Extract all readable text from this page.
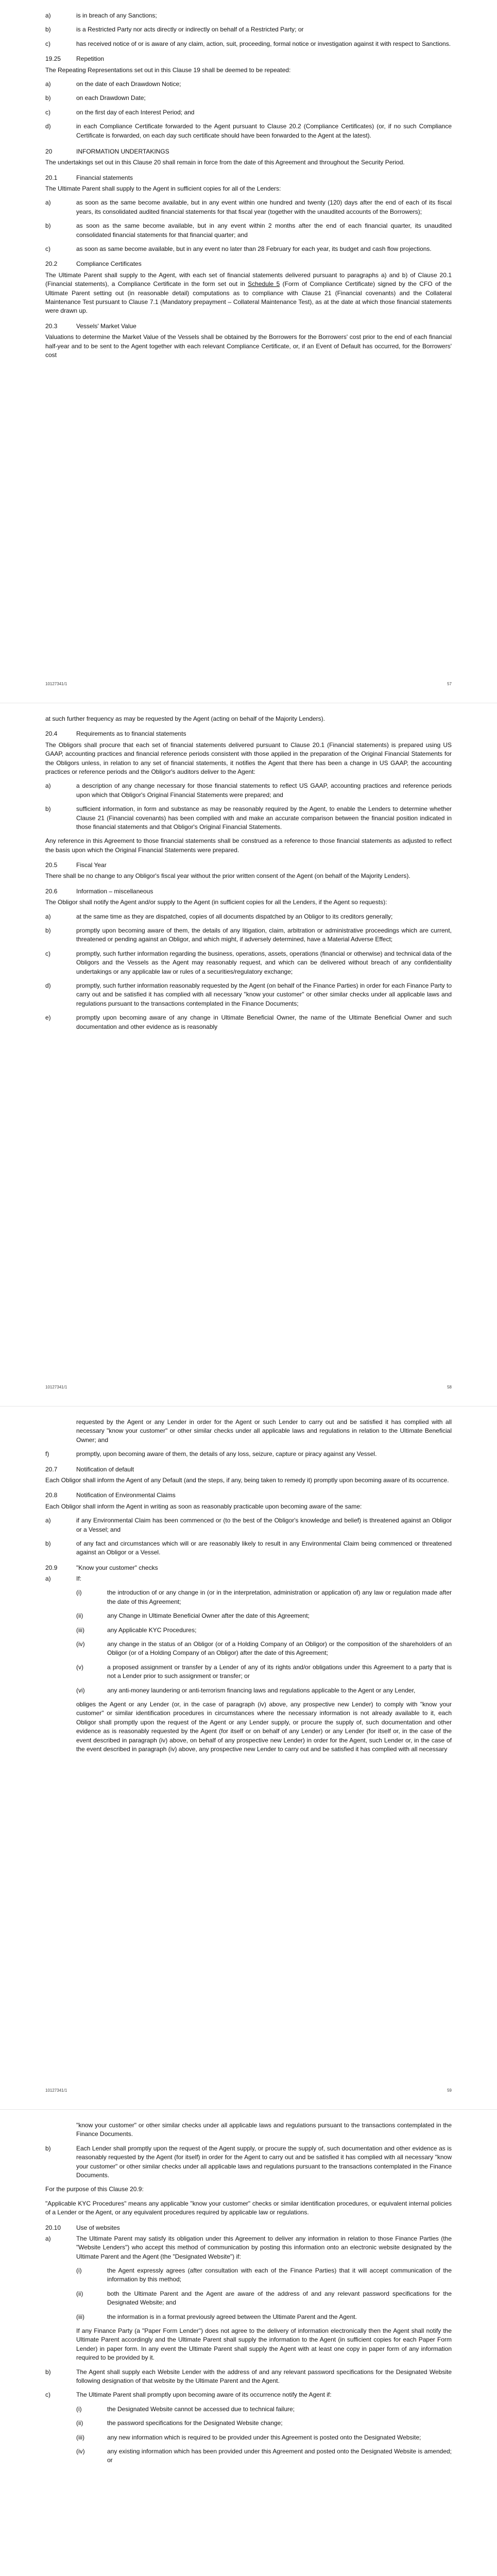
a)	is in breach of any Sanctions;
b)	is a Restricted Party nor acts directly or indirectly on behalf of a Restricted Party; or
c)	has received notice of or is aware of any claim, action, suit, proceeding, formal notice or investigation against it with respect to Sanctions.
19.25	Repetition

The Repeating Representations set out in this Clause 19 shall be deemed to be repeated:

a)	on the date of each Drawdown Notice;
b)	on each Drawdown Date;
c)	on the first day of each Interest Period; and
d)	in each Compliance Certificate forwarded to the Agent pursuant to Clause 20.2 (Compliance Certificates) (or, if no such Compliance Certificate is forwarded, on each day such certificate should have been forwarded to the Agent at the latest).
20	INFORMATION UNDERTAKINGS

The undertakings set out in this Clause 20 shall remain in force from the date of this Agreement and throughout the Security Period.

20.1	Financial statements

The Ultimate Parent shall supply to the Agent in sufficient copies for all of the Lenders:

a)	as soon as the same become available, but in any event within one hundred and twenty (120) days after the end of each of its fiscal years, its consolidated audited financial statements for that fiscal year (together with the unaudited accounts of the Borrowers);
b)	as soon as the same become available, but in any event within 2 months after the end of each financial quarter, its unaudited consolidated financial statements for that financial quarter; and
c)	as soon as same become available, but in any event no later than 28 February for each year, its budget and cash flow projections.
20.2	Compliance Certificates

The Ultimate Parent shall supply to the Agent, with each set of financial statements delivered pursuant to paragraphs a) and b) of Clause 20.1 (Financial statements), a Compliance Certificate in the form set out in Schedule 5 (Form of Compliance Certificate) signed by the CFO of the Ultimate Parent setting out (in reasonable detail) computations as to compliance with Clause 21 (Financial covenants) and the Collateral Maintenance Test pursuant to Clause 7.1 (Mandatory prepayment – Collateral Maintenance Test), as at the date at which those financial statements were drawn up.

20.3	Vessels' Market Value

Valuations to determine the Market Value of the Vessels shall be obtained by the Borrowers for the Borrowers' cost prior to the end of each financial half-year and to be sent to the Agent together with each relevant Compliance Certificate, or, if an Event of Default has occurred, for the Borrowers' cost

10127341/1	57

at such further frequency as may be requested by the Agent (acting on behalf of the Majority Lenders).

20.4	Requirements as to financial statements

The Obligors shall procure that each set of financial statements delivered pursuant to Clause 20.1 (Financial statements) is prepared using US GAAP, accounting practices and financial reference periods consistent with those applied in the preparation of the Original Financial Statements for the Obligors unless, in relation to any set of financial statements, it notifies the Agent that there has been a change in US GAAP, the accounting practices or reference periods and the Obligor's auditors deliver to the Agent:

a)	a description of any change necessary for those financial statements to reflect US GAAP, accounting practices and reference periods upon which that Obligor's Original Financial Statements were prepared; and
b)	sufficient information, in form and substance as may be reasonably required by the Agent, to enable the Lenders to determine whether Clause 21 (Financial covenants) has been complied with and make an accurate comparison between the financial position indicated in those financial statements and that Obligor's Original Financial Statements.

Any reference in this Agreement to those financial statements shall be construed as a reference to those financial statements as adjusted to reflect the basis upon which the Original Financial Statements were prepared.

20.5	Fiscal Year

There shall be no change to any Obligor's fiscal year without the prior written consent of the Agent (on behalf of the Majority Lenders).

20.6	Information – miscellaneous

The Obligor shall notify the Agent and/or supply to the Agent (in sufficient copies for all the Lenders, if the Agent so requests):

a)	at the same time as they are dispatched, copies of all documents dispatched by an Obligor to its creditors generally;
b)	promptly upon becoming aware of them, the details of any litigation, claim, arbitration or administrative proceedings which are current, threatened or pending against an Obligor, and which might, if adversely determined, have a Material Adverse Effect;
c)	promptly, such further information regarding the business, operations, assets, operations (financial or otherwise) and technical data of the Obligors and the Vessels as the Agent may reasonably request, and which can be delivered without breach of any confidentiality undertakings or any applicable law or rules of a securities/regulatory exchange;
d)	promptly, such further information reasonably requested by the Agent (on behalf of the Finance Parties) in order for each Finance Party to carry out and be satisfied it has complied with all necessary "know your customer" or other similar checks under all applicable laws and regulations pursuant to the transactions contemplated in the Finance Documents;
e)	promptly upon becoming aware of any change in Ultimate Beneficial Owner, the name of the Ultimate Beneficial Owner and such documentation and other evidence as is reasonably
10127341/1	58

requested by the Agent or any Lender in order for the Agent or such Lender to carry out and be satisfied it has complied with all necessary "know your customer" or other similar checks under all applicable laws and regulations in relation to the Ultimate Beneficial Owner; and

f)	promptly, upon becoming aware of them, the details of any loss, seizure, capture or piracy against any Vessel.
20.7	Notification of default

Each Obligor shall inform the Agent of any Default (and the steps, if any, being taken to remedy it) promptly upon becoming aware of its occurrence.

20.8	Notification of Environmental Claims

Each Obligor shall inform the Agent in writing as soon as reasonably practicable upon becoming aware of the same:

a)	if any Environmental Claim has been commenced or (to the best of the Obligor's knowledge and belief) is threatened against an Obligor or a Vessel; and
b)	of any fact and circumstances which will or are reasonably likely to result in any Environmental Claim being commenced or threatened against an Obligor or a Vessel.
20.9	"Know your customer" checks
a)	If:
(i)	the introduction of or any change in (or in the interpretation, administration or application of) any law or regulation made after the date of this Agreement;
(ii)	any Change in Ultimate Beneficial Owner after the date of this Agreement;
(iii)	any Applicable KYC Procedures;
(iv)	any change in the status of an Obligor (or of a Holding Company of an Obligor) or the composition of the shareholders of an Obligor (or of a Holding Company of an Obligor) after the date of this Agreement;
(v)	a proposed assignment or transfer by a Lender of any of its rights and/or obligations under this Agreement to a party that is not a Lender prior to such assignment or transfer; or
(vi)	any anti-money laundering or anti-terrorism financing laws and regulations applicable to the Agent or any Lender,

obliges the Agent or any Lender (or, in the case of paragraph (iv) above, any prospective new Lender) to comply with "know your customer" or similar identification procedures in circumstances where the necessary information is not already available to it, each Obligor shall promptly upon the request of the Agent or any Lender supply, or procure the supply of, such documentation and other evidence as is reasonably requested by the Agent (for itself or on behalf of any Lender) or any Lender (for itself or, in the case of the event described in paragraph (iv) above, on behalf of any prospective new Lender) in order for the Agent, such Lender or, in the case of the event described in paragraph (iv) above, any prospective new Lender to carry out and be satisfied it has complied with all necessary

10127341/1	59

"know your customer" or other similar checks under all applicable laws and regulations pursuant to the transactions contemplated in the Finance Documents.

b)	Each Lender shall promptly upon the request of the Agent supply, or procure the supply of, such documentation and other evidence as is reasonably requested by the Agent (for itself) in order for the Agent to carry out and be satisfied it has complied with all necessary "know your customer" or other similar checks under all applicable laws and regulations pursuant to the transactions contemplated in the Finance Documents.

For the purpose of this Clause 20.9:

"Applicable KYC Procedures" means any applicable "know your customer" checks or similar identification procedures, or equivalent internal policies of a Lender or the Agent, or any equivalent procedures required by applicable law or regulations.

20.10	Use of websites
a)	The Ultimate Parent may satisfy its obligation under this Agreement to deliver any information in relation to those Finance Parties (the "Website Lenders") who accept this method of communication by posting this information onto an electronic website designated by the Ultimate Parent and the Agent (the "Designated Website") if:
(i)	the Agent expressly agrees (after consultation with each of the Finance Parties) that it will accept communication of the information by this method;
(ii)	both the Ultimate Parent and the Agent are aware of the address of and any relevant password specifications for the Designated Website; and
(iii)	the information is in a format previously agreed between the Ultimate Parent and the Agent.

If any Finance Party (a "Paper Form Lender") does not agree to the delivery of information electronically then the Agent shall notify the Ultimate Parent accordingly and the Ultimate Parent shall supply the information to the Agent (in sufficient copies for each Paper Form Lender) in paper form. In any event the Ultimate Parent shall supply the Agent with at least one copy in paper form of any information required to be provided by it.

b)	The Agent shall supply each Website Lender with the address of and any relevant password specifications for the Designated Website following designation of that website by the Ultimate Parent and the Agent.
c)	The Ultimate Parent shall promptly upon becoming aware of its occurrence notify the Agent if:
(i)	the Designated Website cannot be accessed due to technical failure;
(ii)	the password specifications for the Designated Website change;
(iii)	any new information which is required to be provided under this Agreement is posted onto the Designated Website;
(iv)	any existing information which has been provided under this Agreement and posted onto the Designated Website is amended; or
